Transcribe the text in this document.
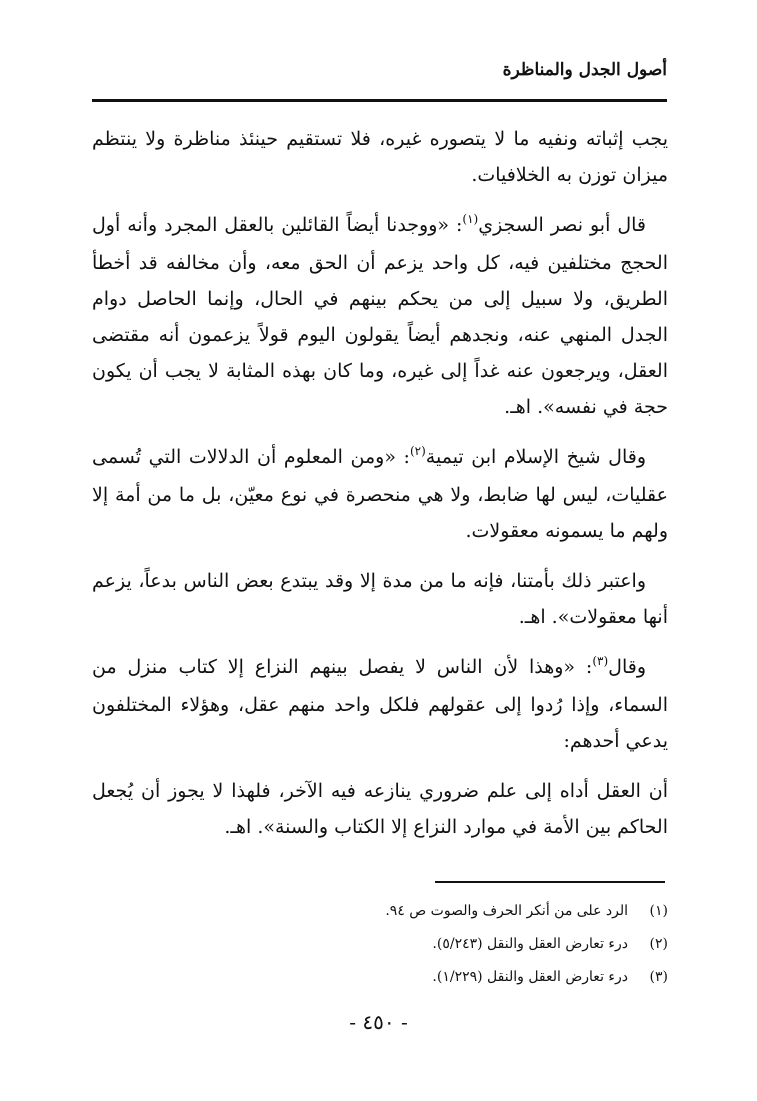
أصول الجدل والمناظرة

يجب إثباته ونفيه ما لا يتصوره غيره، فلا تستقيم حينئذ مناظرة ولا ينتظم ميزان توزن به الخلافيات.

قال أبو نصر السجزي$^{(١)}$: «ووجدنا أيضاً القائلين بالعقل المجرد وأنه أول الحجج مختلفين فيه، كل واحد يزعم أن الحق معه، وأن مخالفه قد أخطأ الطريق، ولا سبيل إلى من يحكم بينهم في الحال، وإنما الحاصل دوام الجدل المنهي عنه، ونجدهم أيضاً يقولون اليوم قولاً يزعمون أنه مقتضى العقل، ويرجعون عنه غداً إلى غيره، وما كان بهذه المثابة لا يجب أن يكون حجة في نفسه». اهـ.

وقال شيخ الإسلام ابن تيمية$^{(٢)}$: «ومن المعلوم أن الدلالات التي تُسمى عقليات، ليس لها ضابط، ولا هي منحصرة في نوع معيّن، بل ما من أمة إلا ولهم ما يسمونه معقولات.

واعتبر ذلك بأمتنا، فإنه ما من مدة إلا وقد يبتدع بعض الناس بدعاً، يزعم أنها معقولات». اهـ.

وقال$^{(٣)}$: «وهذا لأن الناس لا يفصل بينهم النزاع إلا كتاب منزل من السماء، وإذا رُدوا إلى عقولهم فلكل واحد منهم عقل، وهؤلاء المختلفون يدعي أحدهم:

أن العقل أداه إلى علم ضروري ينازعه فيه الآخر، فلهذا لا يجوز أن يُجعل الحاكم بين الأمة في موارد النزاع إلا الكتاب والسنة». اهـ.

(١)الرد على من أنكر الحرف والصوت ص ٩٤.
(٢)درء تعارض العقل والنقل (٥/٢٤٣).
(٣)درء تعارض العقل والنقل (١/٢٢٩).
- ٤٥٠ -
